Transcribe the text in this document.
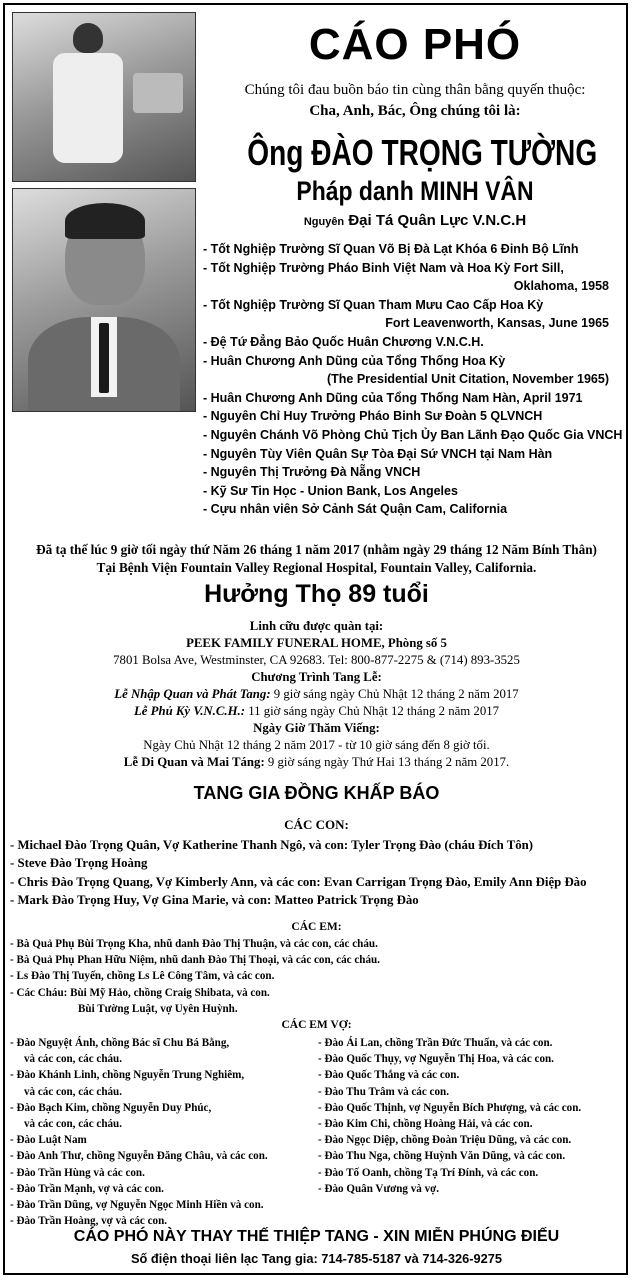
CÁO PHÓ
Chúng tôi đau buồn báo tin cùng thân bằng quyến thuộc:
Cha, Anh, Bác, Ông chúng tôi là:
Ông ĐÀO TRỌNG TƯỜNG
Pháp danh MINH VÂN
Nguyên Đại Tá Quân Lực V.N.C.H
- Tốt Nghiệp Trường Sĩ Quan Võ Bị Đà Lạt Khóa 6 Đinh Bộ Lĩnh
- Tốt Nghiệp Trường Pháo Binh Việt Nam và Hoa Kỳ Fort Sill,
Oklahoma, 1958
- Tốt Nghiệp Trường Sĩ Quan Tham Mưu Cao Cấp Hoa Kỳ
Fort Leavenworth, Kansas, June 1965
- Đệ Tứ Đẳng Bảo Quốc Huân Chương V.N.C.H.
- Huân Chương Anh Dũng của Tổng Thống Hoa Kỳ
(The Presidential Unit Citation, November 1965)
- Huân Chương Anh Dũng của Tổng Thống Nam Hàn, April 1971
- Nguyên Chỉ Huy Trưởng Pháo Binh Sư Đoàn 5 QLVNCH
- Nguyên Chánh Võ Phòng Chủ Tịch Ủy Ban Lãnh Đạo Quốc Gia VNCH
- Nguyên Tùy Viên Quân Sự Tòa Đại Sứ VNCH tại Nam Hàn
- Nguyên Thị Trưởng Đà Nẵng VNCH
- Kỹ Sư Tin Học - Union Bank, Los Angeles
- Cựu nhân viên Sở Cảnh Sát Quận Cam, California
Đã tạ thế lúc 9 giờ tối ngày thứ Năm 26 tháng 1 năm 2017 (nhằm ngày 29 tháng 12 Năm Bính Thân)
Tại Bệnh Viện Fountain Valley Regional Hospital, Fountain Valley, California.
Hưởng Thọ 89 tuổi
Linh cữu được quàn tại:
PEEK FAMILY FUNERAL HOME, Phòng số 5
7801 Bolsa Ave, Westminster, CA 92683. Tel: 800-877-2275 & (714) 893-3525
Chương Trình Tang Lễ:
Lễ Nhập Quan và Phát Tang: 9 giờ sáng ngày Chủ Nhật 12 tháng 2 năm 2017
Lễ Phủ Kỳ V.N.C.H.: 11 giờ sáng ngày Chủ Nhật 12 tháng 2 năm 2017
Ngày Giờ Thăm Viếng:
Ngày Chủ Nhật 12 tháng 2 năm 2017 - từ 10 giờ sáng đến 8 giờ tối.
Lễ Di Quan và Mai Táng: 9 giờ sáng ngày Thứ Hai 13 tháng 2 năm 2017.
TANG GIA ĐỒNG KHẤP BÁO
CÁC CON:
- Michael Đào Trọng Quân, Vợ Katherine Thanh Ngô, và con: Tyler Trọng Đào (cháu Đích Tôn)
- Steve Đào Trọng Hoàng
- Chris Đào Trọng Quang, Vợ Kimberly Ann, và các con: Evan Carrigan Trọng Đào, Emily Ann Điệp Đào
- Mark Đào Trọng Huy, Vợ Gina Marie, và con: Matteo Patrick Trọng Đào
CÁC EM:
- Bà Quả Phụ Bùi Trọng Kha, nhũ danh Đào Thị Thuận, và các con, các cháu.
- Bà Quả Phụ Phan Hữu Niệm, nhũ danh Đào Thị Thoại, và các con, các cháu.
- Ls Đào Thị Tuyến, chồng Ls Lê Công Tâm, và các con.
- Các Cháu: Bùi Mỹ Hảo, chồng Craig Shibata, và con.
Bùi Tường Luật, vợ Uyên Huỳnh.
CÁC EM VỢ:
- Đào Nguyệt Ánh, chồng Bác sĩ Chu Bá Bằng,
và các con, các cháu.
- Đào Khánh Linh, chồng Nguyễn Trung Nghiêm,
và các con, các cháu.
- Đào Bạch Kim, chồng Nguyễn Duy Phúc,
và các con, các cháu.
- Đào Luật Nam
- Đào Anh Thư, chồng Nguyễn Đăng Châu, và các con.
- Đào Trần Hùng và các con.
- Đào Trần Mạnh, vợ và các con.
- Đào Trần Dũng, vợ Nguyễn Ngọc Minh Hiền và con.
- Đào Trần Hoàng, vợ và các con.
- Đào Ái Lan, chồng Trần Đức Thuấn, và các con.
- Đào Quốc Thụy, vợ Nguyễn Thị Hoa, và các con.
- Đào Quốc Thắng và các con.
- Đào Thu Trâm và các con.
- Đào Quốc Thịnh, vợ Nguyễn Bích Phượng, và các con.
- Đào Kim Chi, chồng Hoàng Hải, và các con.
- Đào Ngọc Diệp, chồng Đoàn Triệu Dũng, và các con.
- Đào Thu Nga, chồng Huỳnh Văn Dũng, và các con.
- Đào Tố Oanh, chồng Tạ Trí Đính, và các con.
- Đào Quân Vương và vợ.
CÁO PHÓ NÀY THAY THẾ THIỆP TANG - XIN MIỄN PHÚNG ĐIẾU
Số điện thoại liên lạc Tang gia: 714-785-5187 và 714-326-9275
